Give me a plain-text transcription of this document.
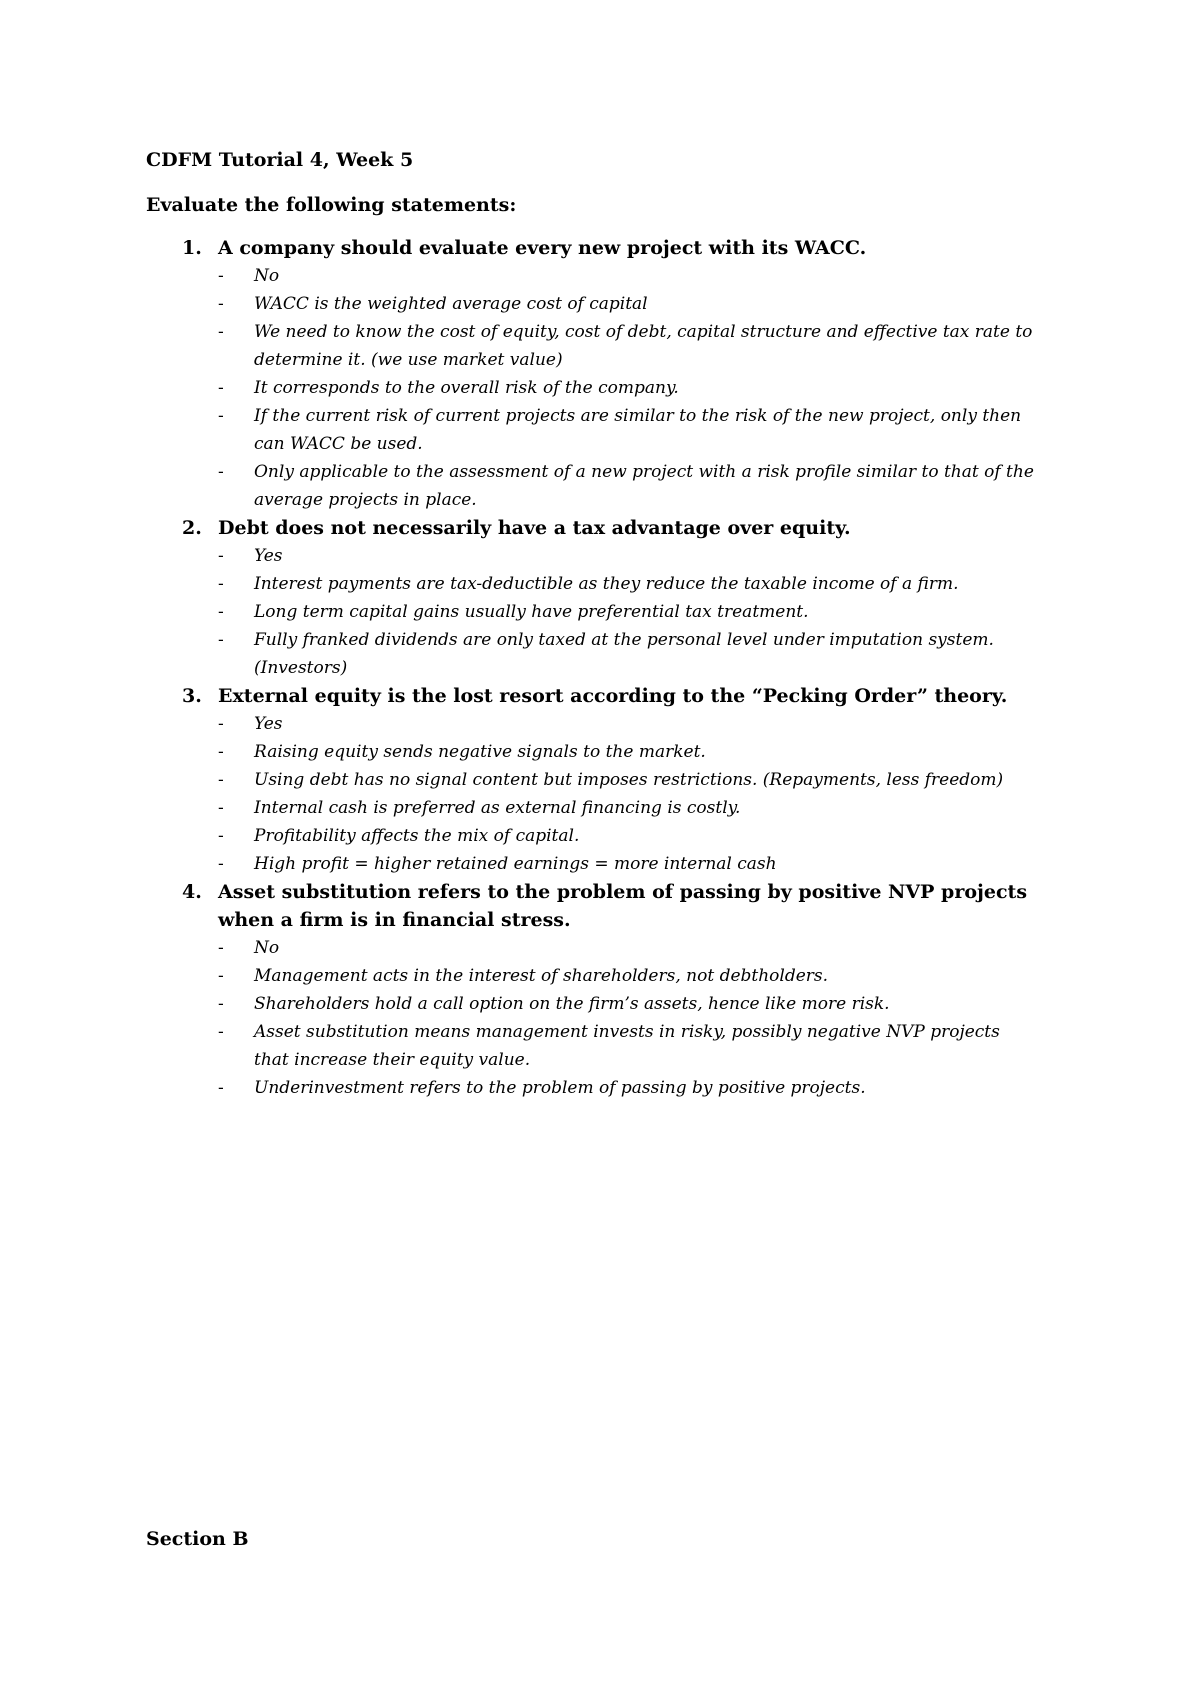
CDFM Tutorial 4, Week 5
Evaluate the following statements:
1. A company should evaluate every new project with its WACC.
- No
- WACC is the weighted average cost of capital
- We need to know the cost of equity, cost of debt, capital structure and effective tax rate to determine it. (we use market value)
- It corresponds to the overall risk of the company.
- If the current risk of current projects are similar to the risk of the new project, only then can WACC be used.
- Only applicable to the assessment of a new project with a risk profile similar to that of the average projects in place.
2. Debt does not necessarily have a tax advantage over equity.
- Yes
- Interest payments are tax-deductible as they reduce the taxable income of a firm.
- Long term capital gains usually have preferential tax treatment.
- Fully franked dividends are only taxed at the personal level under imputation system. (Investors)
3. External equity is the lost resort according to the “Pecking Order” theory.
- Yes
- Raising equity sends negative signals to the market.
- Using debt has no signal content but imposes restrictions. (Repayments, less freedom)
- Internal cash is preferred as external financing is costly.
- Profitability affects the mix of capital.
- High profit = higher retained earnings = more internal cash
4. Asset substitution refers to the problem of passing by positive NVP projects when a firm is in financial stress.
- No
- Management acts in the interest of shareholders, not debtholders.
- Shareholders hold a call option on the firm’s assets, hence like more risk.
- Asset substitution means management invests in risky, possibly negative NVP projects that increase their equity value.
- Underinvestment refers to the problem of passing by positive projects.
Section B
